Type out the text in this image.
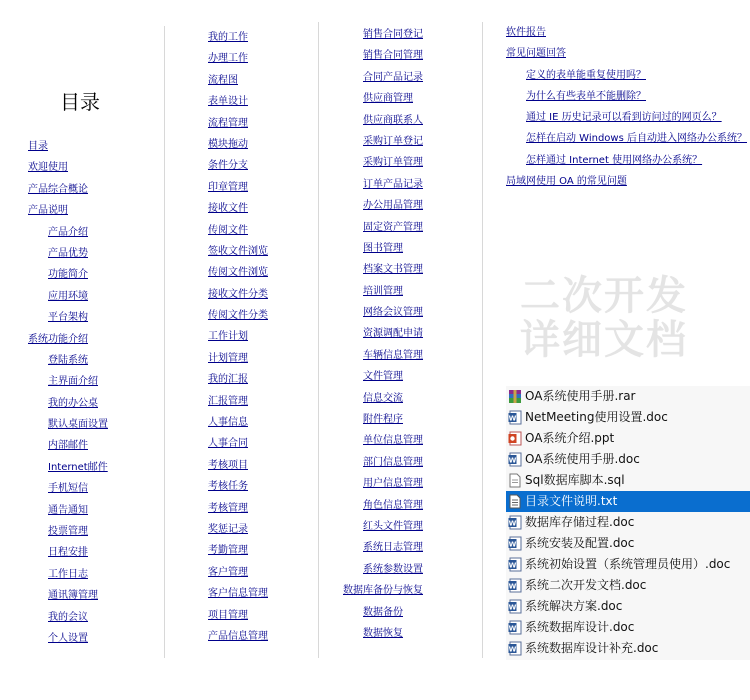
目录
目录
欢迎使用
产品综合概论
产品说明
产品介绍
产品优势
功能简介
应用环境
平台架构
系统功能介绍
登陆系统
主界面介绍
我的办公桌
默认桌面设置
内部邮件
Internet邮件
手机短信
通告通知
投票管理
日程安排
工作日志
通讯簿管理
我的会议
个人设置
我的工作
办理工作
流程图
表单设计
流程管理
模块拖动
条件分支
印章管理
接收文件
传阅文件
签收文件浏览
传阅文件浏览
接收文件分类
传阅文件分类
工作计划
计划管理
我的汇报
汇报管理
人事信息
人事合同
考核项目
考核任务
考核管理
奖惩记录
考勤管理
客户管理
客户信息管理
项目管理
产品信息管理
销售合同登记
销售合同管理
合同产品记录
供应商管理
供应商联系人
采购订单登记
采购订单管理
订单产品记录
办公用品管理
固定资产管理
图书管理
档案文书管理
培训管理
网络会议管理
资源调配申请
车辆信息管理
文件管理
信息交流
附件程序
单位信息管理
部门信息管理
用户信息管理
角色信息管理
红头文件管理
系统日志管理
系统参数设置
数据库备份与恢复
数据备份
数据恢复
软件报告
常见问题回答
定义的表单能重复使用吗？
为什么有些表单不能删除？
通过 IE 历史记录可以看到访问过的网页么？
怎样在启动 Windows 后自动进入网络办公系统？
怎样通过 Internet 使用网络办公系统？
局域网使用 OA 的常见问题
二次开发
详细文档
OA系统使用手册.rar
W NetMeeting使用设置.doc
OA系统介绍.ppt
W OA系统使用手册.doc
Sql数据库脚本.sql
目录文件说明.txt
W 数据库存储过程.doc
W 系统安装及配置.doc
W 系统初始设置（系统管理员使用）.doc
W 系统二次开发文档.doc
W 系统解决方案.doc
W 系统数据库设计.doc
W 系统数据库设计补充.doc
